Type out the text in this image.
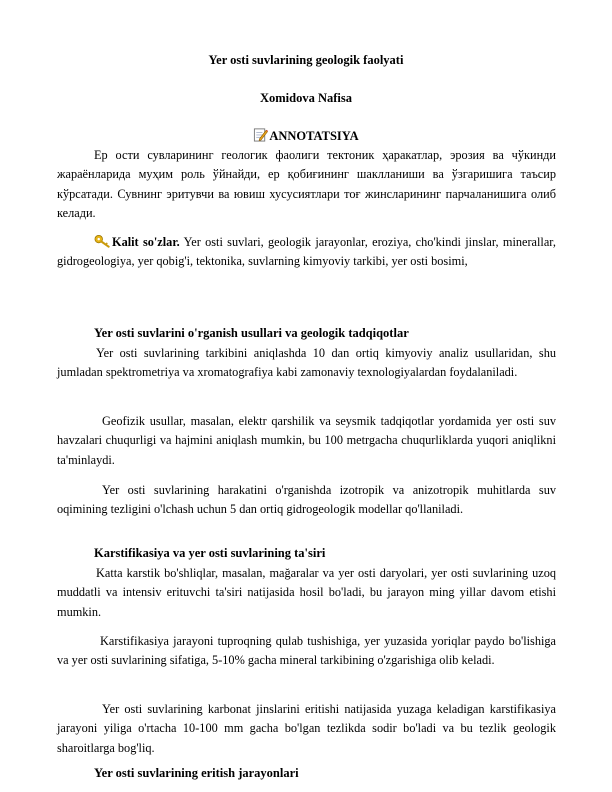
Yer osti suvlarining geologik faolyati
Xomidova Nafisa
ANNOTATSIYA
Ер ости сувларининг геологик фаолиги тектоник ҳаракатлар, эрозия ва чўкинди жараёнларида муҳим роль ўйнайди, ер қобиғининг шаклланиши ва ўзгаришига таъсир кўрсатади. Сувнинг эритувчи ва ювиш хусусиятлари тоғ жинсларининг парчаланишига олиб келади.
Kalit so'zlar. Yer osti suvlari, geologik jarayonlar, eroziya, cho'kindi jinslar, minerallar, gidrogeologiya, yer qobig'i, tektonika, suvlarning kimyoviy tarkibi, yer osti bosimi,
Yer osti suvlarini o'rganish usullari va geologik tadqiqotlar
Yer osti suvlarining tarkibini aniqlashda 10 dan ortiq kimyoviy analiz usullaridan, shu jumladan spektrometriya va xromatografiya kabi zamonaviy texnologiyalardan foydalaniladi.
Geofizik usullar, masalan, elektr qarshilik va seysmik tadqiqotlar yordamida yer osti suv havzalari chuqurligi va hajmini aniqlash mumkin, bu 100 metrgacha chuqurliklarda yuqori aniqlikni ta'minlaydi.
Yer osti suvlarining harakatini o'rganishda izotropik va anizotropik muhitlarda suv oqimining tezligini o'lchash uchun 5 dan ortiq gidrogeologik modellar qo'llaniladi.
Karstifikasiya va yer osti suvlarining ta'siri
Katta karstik bo'shliqlar, masalan, mağaralar va yer osti daryolari, yer osti suvlarining uzoq muddatli va intensiv erituvchi ta'siri natijasida hosil bo'ladi, bu jarayon ming yillar davom etishi mumkin.
Karstifikasiya jarayoni tuproqning qulab tushishiga, yer yuzasida yoriqlar paydo bo'lishiga va yer osti suvlarining sifatiga, 5-10% gacha mineral tarkibining o'zgarishiga olib keladi.
Yer osti suvlarining karbonat jinslarini eritishi natijasida yuzaga keladigan karstifikasiya jarayoni yiliga o'rtacha 10-100 mm gacha bo'lgan tezlikda sodir bo'ladi va bu tezlik geologik sharoitlarga bog'liq.
Yer osti suvlarining eritish jarayonlari
